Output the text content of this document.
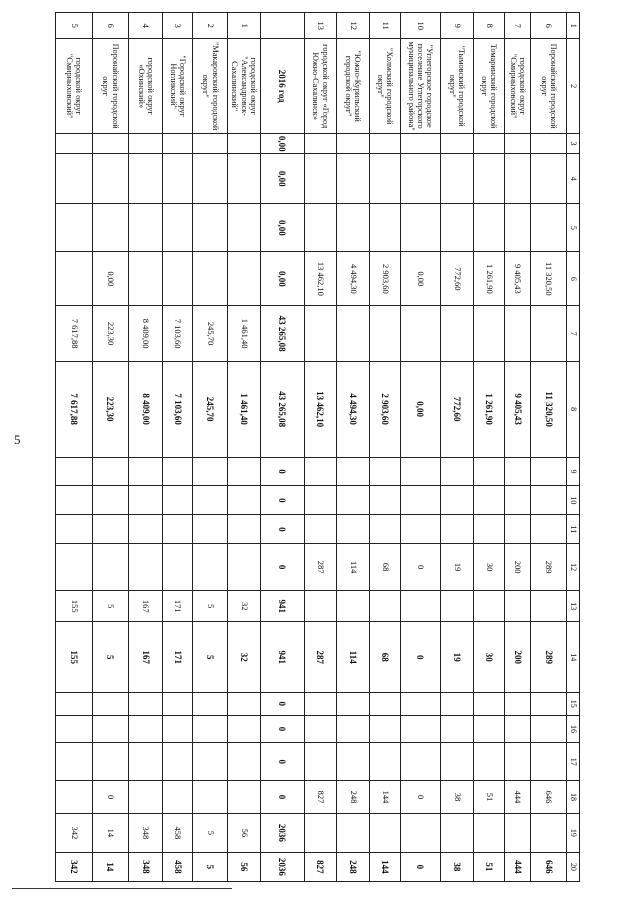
5
1	2	3	4	5	6	7	8	9	10	11	12	13	14	15	16	17	18	19	20
6	Поронайский городской округ				11 320,50		11 320,50				289		289				646		646
7	городской округ "Смирныховский"				9 405,43		9 405,43				200		200				444		444
8	Томаринский городской округ				1 261,90		1 261,90				30		30				51		51
9	"Тымовский городской округ"				772,60		772,60				19		19				38		38
10	"Углегорское городское поселение Углегорского муниципального района"				0,00		0,00				0		0				0		0
11	"Холмский городской округ"				2 903,60		2 903,60				68		68				144		144
12	"Южно-Курильский городской округ"				4 494,30		4 494,30				114		114				248		248
13	городской округ «Город Южно-Сахалинск»				13 462,10		13 462,10				287		287				827		827
	2016 год	0,00	0,00	0,00	0,00	43 265,08	43 265,08	0	0	0	0	941	941	0	0	0	0	2036	2036
1	городской округ "Александровск-Сахалинский"					1 461,40	1 461,40					32	32					56	56
2	"Макаровский городской округ"					245,70	245,70					5	5					5	5
3	"Городской округ Ногликский"					7 103,60	7 103,60					171	171					458	458
4	городской округ «Охинский»					8 409,00	8 409,00					167	167					348	348
6	Поронайский городской округ				0,00	223,30	223,30					5	5				0	14	14
5	городской округ "Смирныховский"					7 617,88	7 617,88					155	155					342	342
